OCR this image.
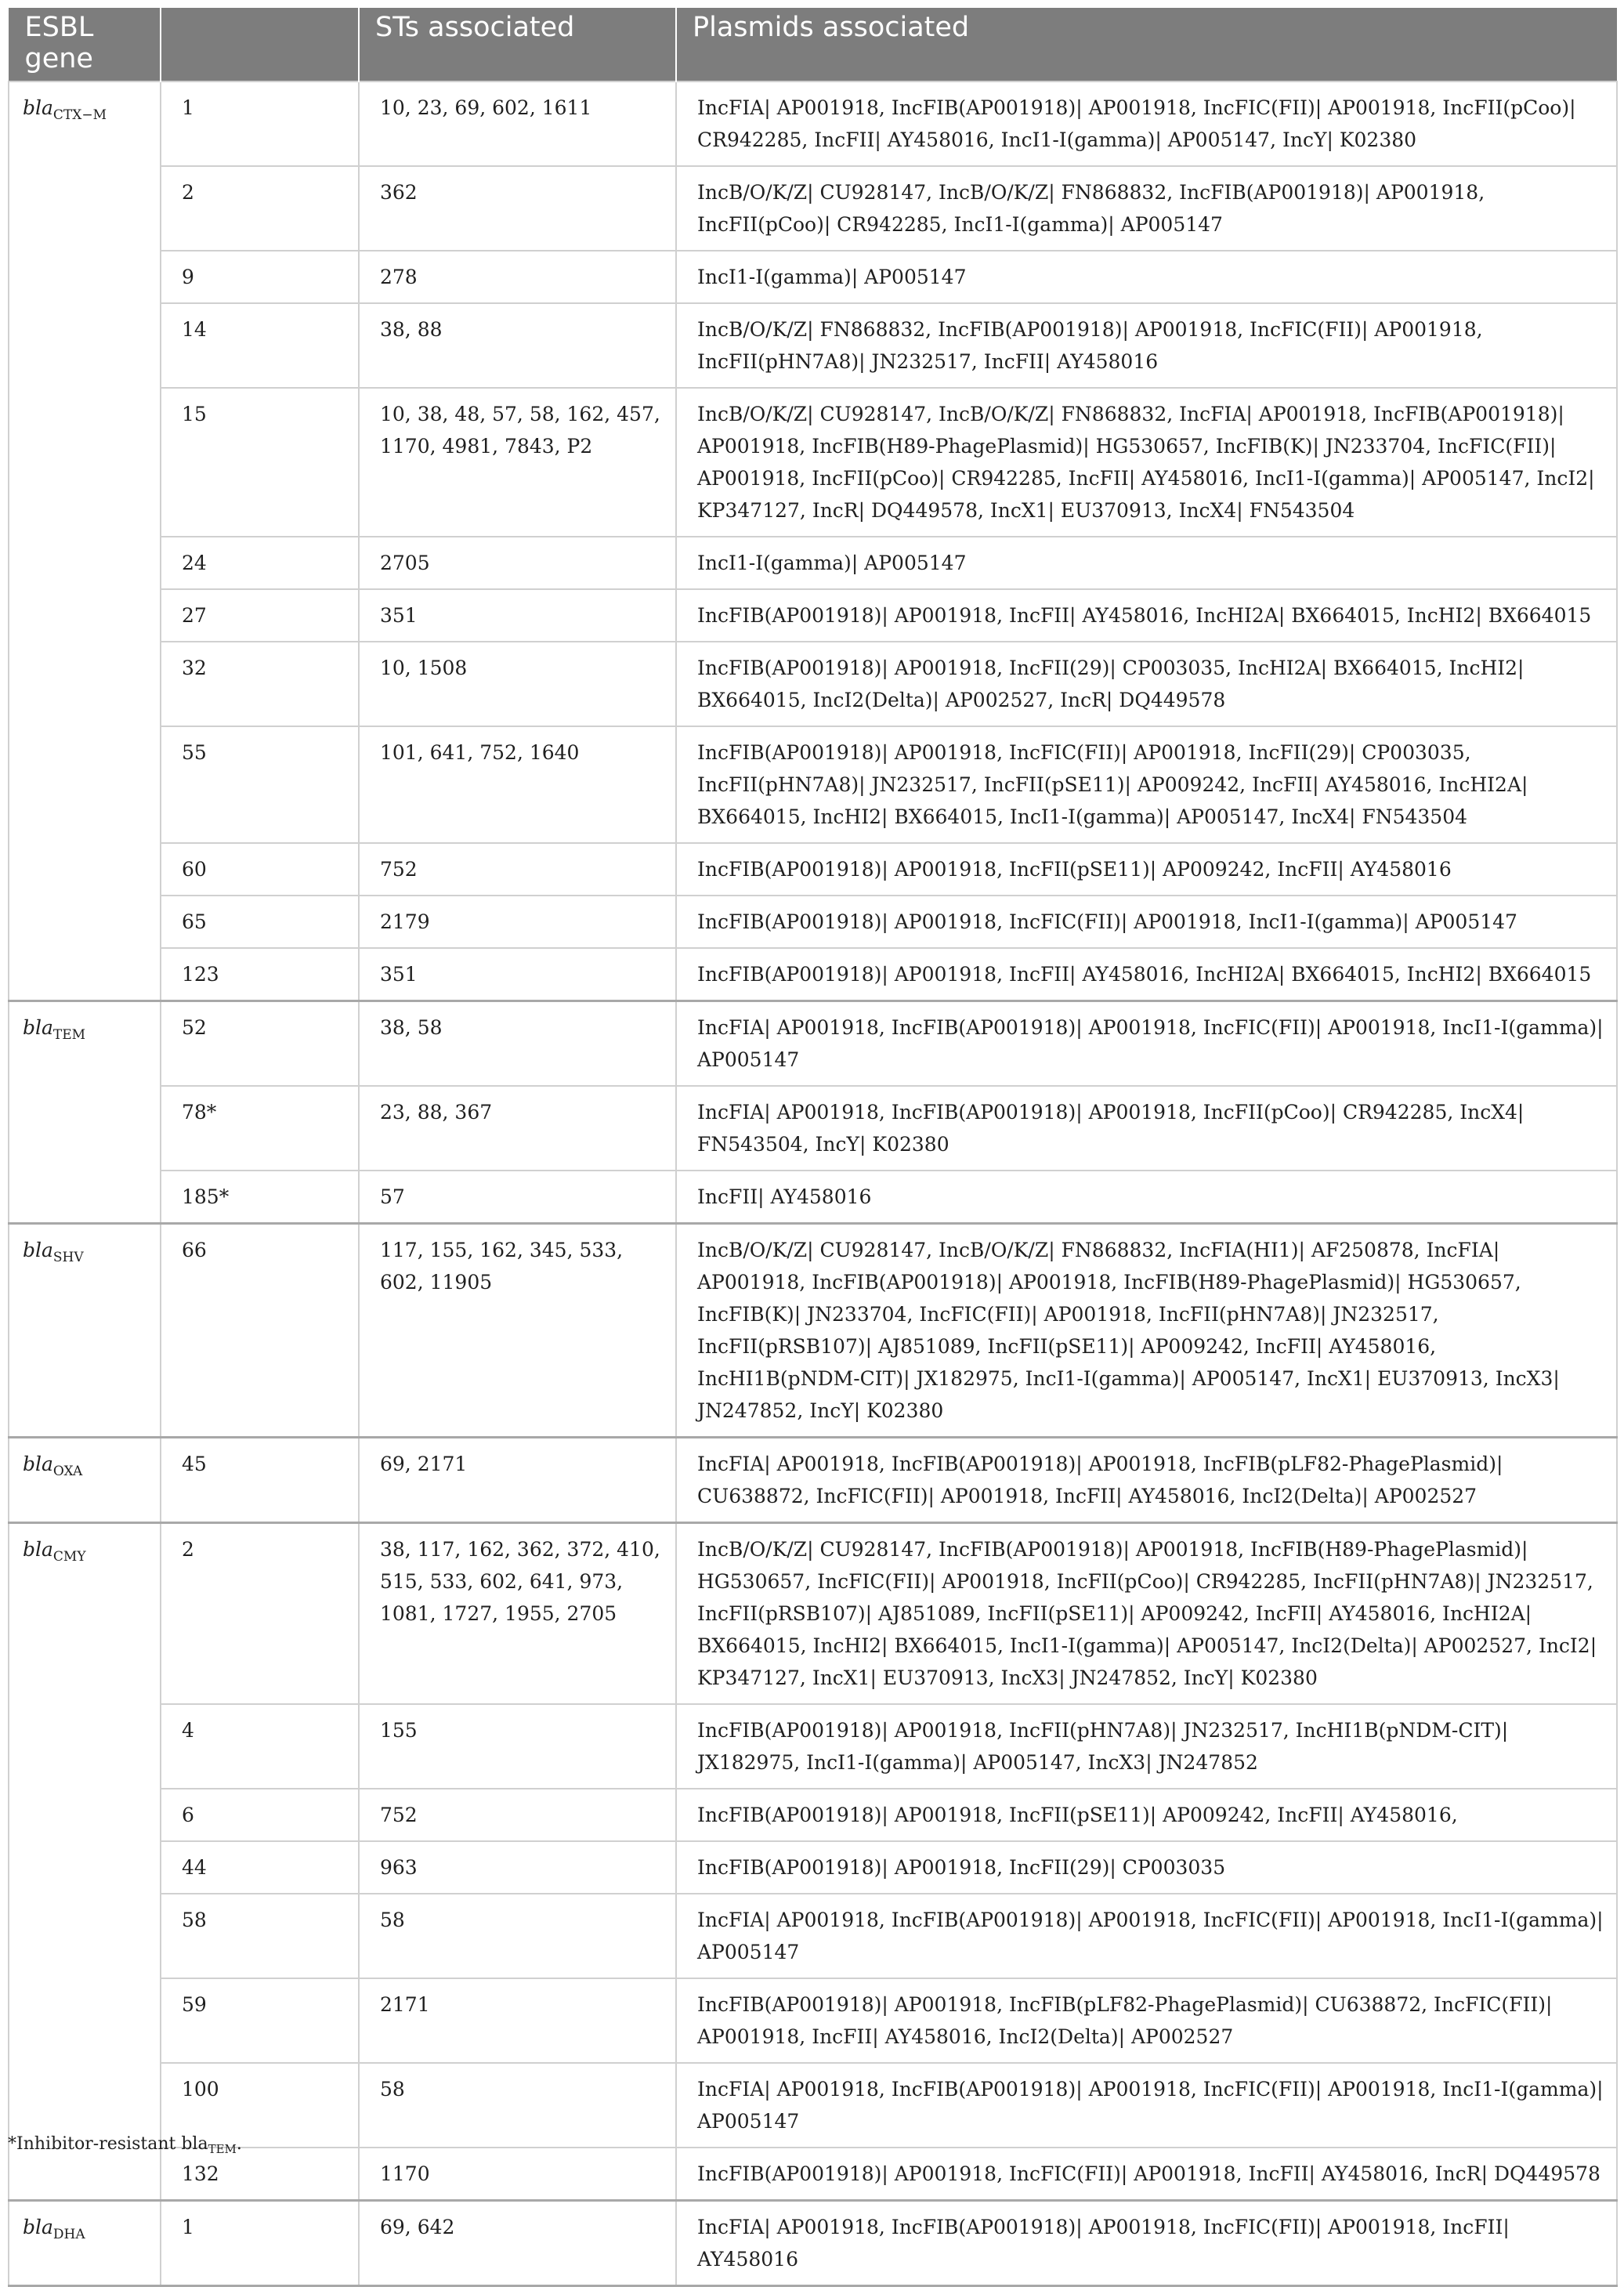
ESBL gene		STs associated	Plasmids associated
bla$_{CTX-M}$	1	10, 23, 69, 602, 1611	IncFIA| AP001918, IncFIB(AP001918)| AP001918, IncFIC(FII)| AP001918, IncFII(pCoo)| CR942285, IncFII| AY458016, IncI1-I(gamma)| AP005147, IncY| K02380
	2	362	IncB/O/K/Z| CU928147, IncB/O/K/Z| FN868832, IncFIB(AP001918)| AP001918, IncFII(pCoo)| CR942285, IncI1-I(gamma)| AP005147
	9	278	IncI1-I(gamma)| AP005147
	14	38, 88	IncB/O/K/Z| FN868832, IncFIB(AP001918)| AP001918, IncFIC(FII)| AP001918, IncFII(pHN7A8)| JN232517, IncFII| AY458016
	15	10, 38, 48, 57, 58, 162, 457, 1170, 4981, 7843, P2	IncB/O/K/Z| CU928147, IncB/O/K/Z| FN868832, IncFIA| AP001918, IncFIB(AP001918)| AP001918, IncFIB(H89-PhagePlasmid)| HG530657, IncFIB(K)| JN233704, IncFIC(FII)| AP001918, IncFII(pCoo)| CR942285, IncFII| AY458016, IncI1-I(gamma)| AP005147, IncI2| KP347127, IncR| DQ449578, IncX1| EU370913, IncX4| FN543504
	24	2705	IncI1-I(gamma)| AP005147
	27	351	IncFIB(AP001918)| AP001918, IncFII| AY458016, IncHI2A| BX664015, IncHI2| BX664015
	32	10, 1508	IncFIB(AP001918)| AP001918, IncFII(29)| CP003035, IncHI2A| BX664015, IncHI2| BX664015, IncI2(Delta)| AP002527, IncR| DQ449578
	55	101, 641, 752, 1640	IncFIB(AP001918)| AP001918, IncFIC(FII)| AP001918, IncFII(29)| CP003035, IncFII(pHN7A8)| JN232517, IncFII(pSE11)| AP009242, IncFII| AY458016, IncHI2A| BX664015, IncHI2| BX664015, IncI1-I(gamma)| AP005147, IncX4| FN543504
	60	752	IncFIB(AP001918)| AP001918, IncFII(pSE11)| AP009242, IncFII| AY458016
	65	2179	IncFIB(AP001918)| AP001918, IncFIC(FII)| AP001918, IncI1-I(gamma)| AP005147
	123	351	IncFIB(AP001918)| AP001918, IncFII| AY458016, IncHI2A| BX664015, IncHI2| BX664015
bla$_{TEM}$	52	38, 58	IncFIA| AP001918, IncFIB(AP001918)| AP001918, IncFIC(FII)| AP001918, IncI1-I(gamma)| AP005147
	78*	23, 88, 367	IncFIA| AP001918, IncFIB(AP001918)| AP001918, IncFII(pCoo)| CR942285, IncX4| FN543504, IncY| K02380
	185*	57	IncFII| AY458016
bla$_{SHV}$	66	117, 155, 162, 345, 533, 602, 11905	IncB/O/K/Z| CU928147, IncB/O/K/Z| FN868832, IncFIA(HI1)| AF250878, IncFIA| AP001918, IncFIB(AP001918)| AP001918, IncFIB(H89-PhagePlasmid)| HG530657, IncFIB(K)| JN233704, IncFIC(FII)| AP001918, IncFII(pHN7A8)| JN232517, IncFII(pRSB107)| AJ851089, IncFII(pSE11)| AP009242, IncFII| AY458016, IncHI1B(pNDM-CIT)| JX182975, IncI1-I(gamma)| AP005147, IncX1| EU370913, IncX3| JN247852, IncY| K02380
bla$_{OXA}$	45	69, 2171	IncFIA| AP001918, IncFIB(AP001918)| AP001918, IncFIB(pLF82-PhagePlasmid)| CU638872, IncFIC(FII)| AP001918, IncFII| AY458016, IncI2(Delta)| AP002527
bla$_{CMY}$	2	38, 117, 162, 362, 372, 410, 515, 533, 602, 641, 973, 1081, 1727, 1955, 2705	IncB/O/K/Z| CU928147, IncFIB(AP001918)| AP001918, IncFIB(H89-PhagePlasmid)| HG530657, IncFIC(FII)| AP001918, IncFII(pCoo)| CR942285, IncFII(pHN7A8)| JN232517, IncFII(pRSB107)| AJ851089, IncFII(pSE11)| AP009242, IncFII| AY458016, IncHI2A| BX664015, IncHI2| BX664015, IncI1-I(gamma)| AP005147, IncI2(Delta)| AP002527, IncI2| KP347127, IncX1| EU370913, IncX3| JN247852, IncY| K02380
	4	155	IncFIB(AP001918)| AP001918, IncFII(pHN7A8)| JN232517, IncHI1B(pNDM-CIT)| JX182975, IncI1-I(gamma)| AP005147, IncX3| JN247852
	6	752	IncFIB(AP001918)| AP001918, IncFII(pSE11)| AP009242, IncFII| AY458016,
	44	963	IncFIB(AP001918)| AP001918, IncFII(29)| CP003035
	58	58	IncFIA| AP001918, IncFIB(AP001918)| AP001918, IncFIC(FII)| AP001918, IncI1-I(gamma)| AP005147
	59	2171	IncFIB(AP001918)| AP001918, IncFIB(pLF82-PhagePlasmid)| CU638872, IncFIC(FII)| AP001918, IncFII| AY458016, IncI2(Delta)| AP002527
	100	58	IncFIA| AP001918, IncFIB(AP001918)| AP001918, IncFIC(FII)| AP001918, IncI1-I(gamma)| AP005147
	132	1170	IncFIB(AP001918)| AP001918, IncFIC(FII)| AP001918, IncFII| AY458016, IncR| DQ449578
bla$_{DHA}$	1	69, 642	IncFIA| AP001918, IncFIB(AP001918)| AP001918, IncFIC(FII)| AP001918, IncFII| AY458016
*Inhibitor-resistant bla$_{TEM}$.
